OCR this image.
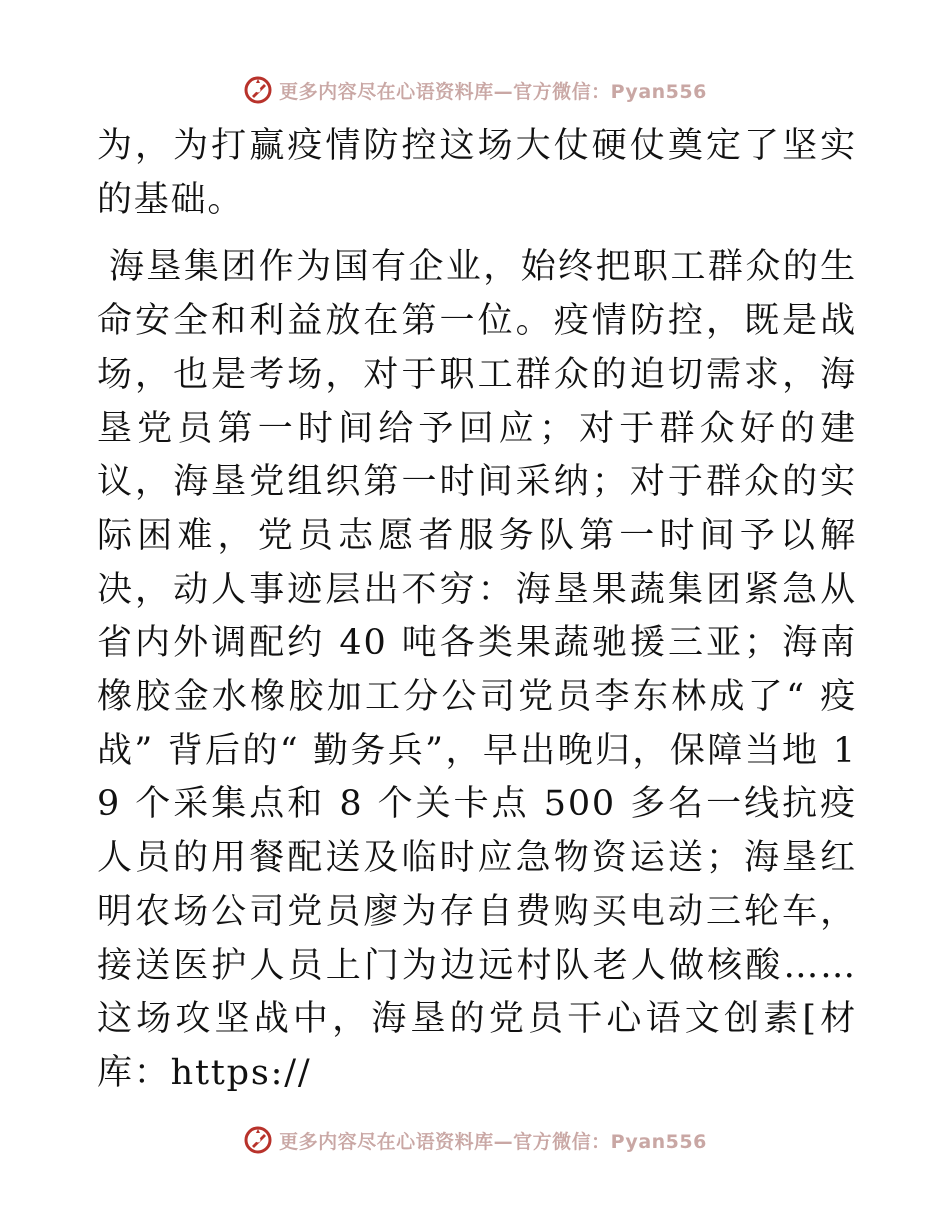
更多内容尽在心语资料库—官方微信：Pyan556

为，为打赢疫情防控这场大仗硬仗奠定了坚实的基础。

海垦集团作为国有企业，始终把职工群众的生命安全和利益放在第一位。疫情防控，既是战场，也是考场，对于职工群众的迫切需求，海垦党员第一时间给予回应；对于群众好的建议，海垦党组织第一时间采纳；对于群众的实际困难，党员志愿者服务队第一时间予以解决，动人事迹层出不穷：海垦果蔬集团紧急从省内外调配约 40 吨各类果蔬驰援三亚；海南橡胶金水橡胶加工分公司党员李东林成了“ 疫战” 背后的“ 勤务兵”，早出晚归，保障当地 19 个采集点和 8 个关卡点 500 多名一线抗疫人员的用餐配送及临时应急物资运送；海垦红明农场公司党员廖为存自费购买电动三轮车，接送医护人员上门为边远村队老人做核酸……这场攻坚战中，海垦的党员干心语文创素[材库：https://

更多内容尽在心语资料库—官方微信：Pyan556
